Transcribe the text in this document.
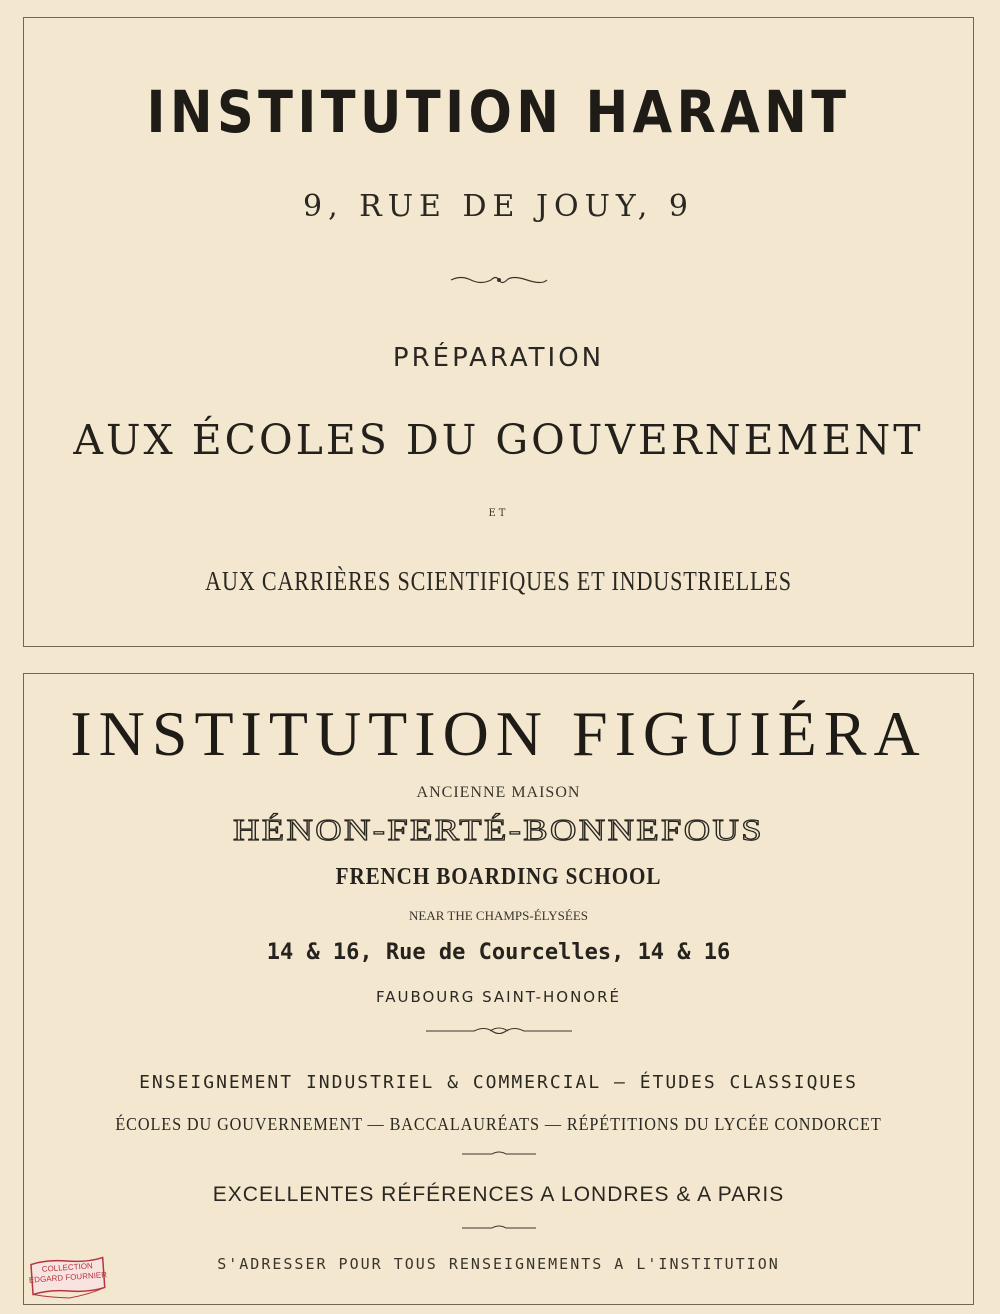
INSTITUTION HARANT
9, RUE DE JOUY, 9
PRÉPARATION
AUX ÉCOLES DU GOUVERNEMENT
ET
AUX CARRIÈRES SCIENTIFIQUES ET INDUSTRIELLES
INSTITUTION FIGUIÉRA
ANCIENNE MAISON
HÉNON-FERTÉ-BONNEFOUS
FRENCH BOARDING SCHOOL
NEAR THE CHAMPS-ÉLYSÉES
14 & 16, Rue de Courcelles, 14 & 16
FAUBOURG SAINT-HONORÉ
ENSEIGNEMENT INDUSTRIEL & COMMERCIAL — ÉTUDES CLASSIQUES
ÉCOLES DU GOUVERNEMENT — BACCALAURÉATS — RÉPÉTITIONS DU LYCÉE CONDORCET
EXCELLENTES RÉFÉRENCES A LONDRES & A PARIS
S'ADRESSER POUR TOUS RENSEIGNEMENTS A L'INSTITUTION
COLLECTION EDGARD FOURNIER
